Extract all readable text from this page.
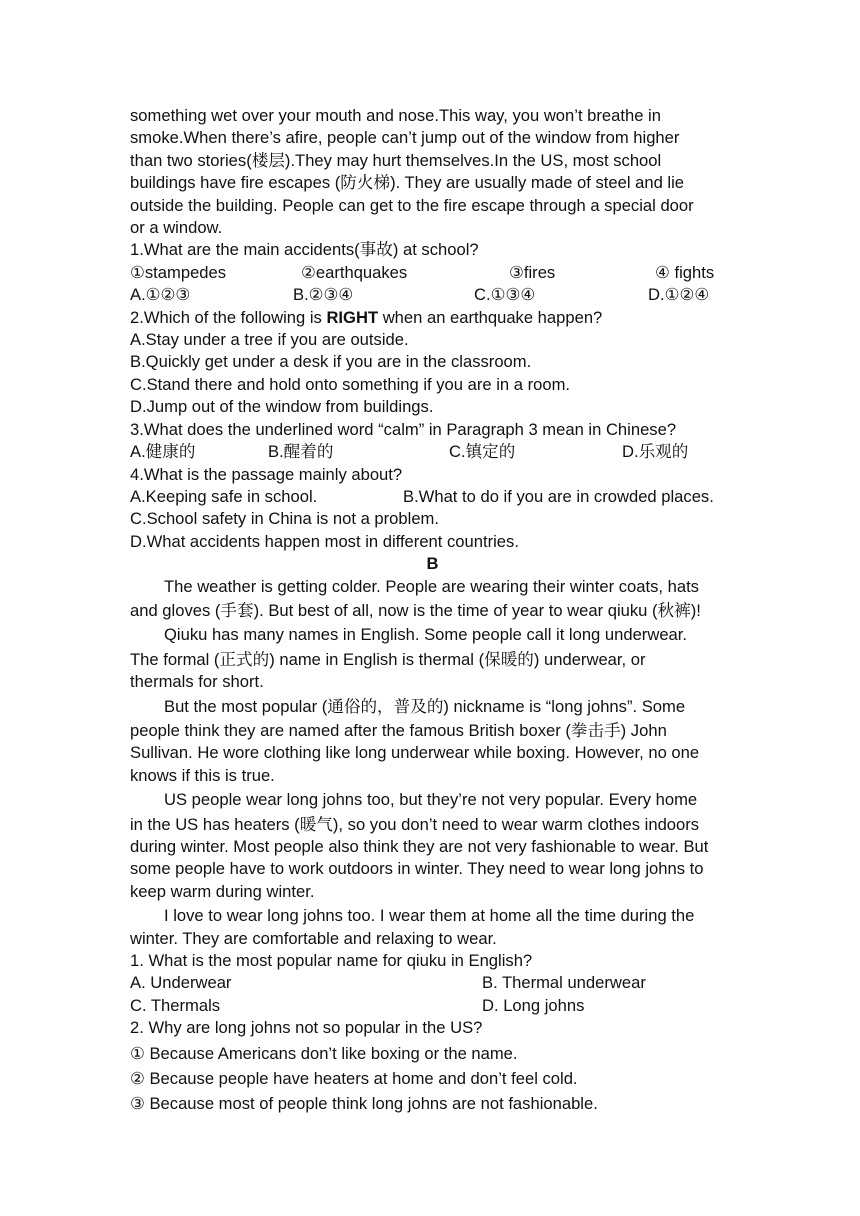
something wet over your mouth and nose.This way, you won’t breathe in
smoke.When there’s afire, people can’t jump out of the window from higher
than two stories(楼层).They may hurt themselves.In the US, most school
buildings have fire escapes (防火梯). They are usually made of steel and lie
outside the building. People can get to the fire escape through a special door
or a window.
1.What are the main accidents(事故) at school?
①stampedes	②earthquakes	③fires	④ fights
A.①②③	B.②③④	C.①③④	D.①②④
2.Which of the following is RIGHT when an earthquake happen?
A.Stay under a tree if you are outside.
B.Quickly get under a desk if you are in the classroom.
C.Stand there and hold onto something if you are in a room.
D.Jump out of the window from buildings.
3.What does the underlined word “calm” in Paragraph 3 mean in Chinese?
A.健康的	B.醒着的	C.镇定的	D.乐观的
4.What is the passage mainly about?
A.Keeping safe in school.	B.What to do if you are in crowded places.
C.School safety in China is not a problem.
D.What accidents happen most in different countries.
B
The weather is getting colder. People are wearing their winter coats, hats
and gloves (手套). But best of all, now is the time of year to wear qiuku (秋裤)!
Qiuku has many names in English. Some people call it long underwear.
The formal (正式的) name in English is thermal (保暖的) underwear, or
thermals for short.
But the most popular (通俗的，普及的) nickname is “long johns”. Some
people think they are named after the famous British boxer (拳击手) John
Sullivan. He wore clothing like long underwear while boxing. However, no one
knows if this is true.
US people wear long johns too, but they’re not very popular. Every home
in the US has heaters (暖气), so you don’t need to wear warm clothes indoors
during winter. Most people also think they are not very fashionable to wear. But
some people have to work outdoors in winter. They need to wear long johns to
keep warm during winter.
I love to wear long johns too. I wear them at home all the time during the
winter. They are comfortable and relaxing to wear.
1. What is the most popular name for qiuku in English?
A. Underwear	B. Thermal underwear
C. Thermals	D. Long johns
2. Why are long johns not so popular in the US?
① Because Americans don’t like boxing or the name.
② Because people have heaters at home and don’t feel cold.
③ Because most of people think long johns are not fashionable.
